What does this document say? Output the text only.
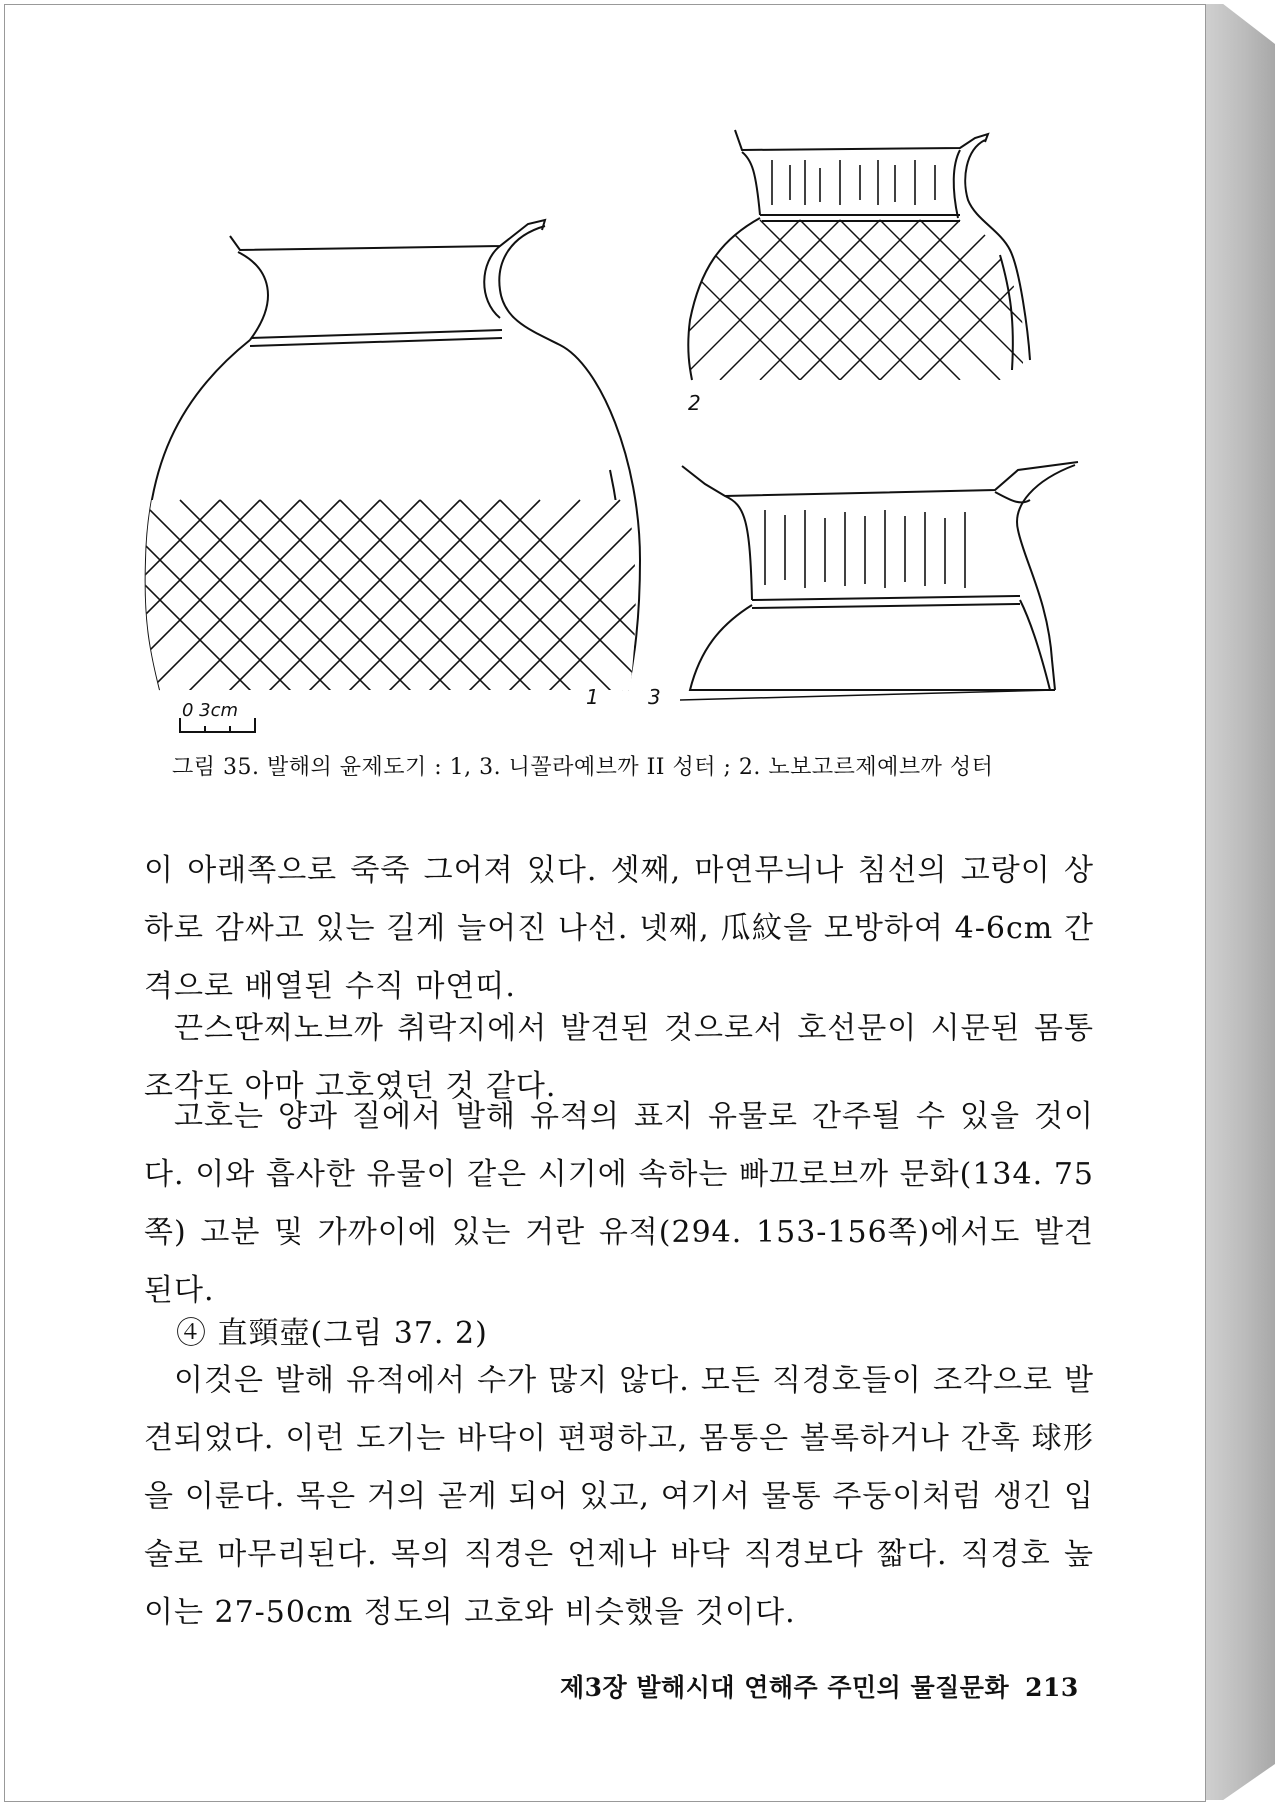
0 3cm
1
2
3
그림 35. 발해의 윤제도기 : 1, 3. 니꼴라예브까 II 성터 ; 2. 노보고르제예브까 성터

이 아래쪽으로 죽죽 그어져 있다. 셋째, 마연무늬나 침선의 고랑이 상하로 감싸고 있는 길게 늘어진 나선. 넷째, 瓜紋을 모방하여 4-6cm 간격으로 배열된 수직 마연띠.

끈스딴찌노브까 취락지에서 발견된 것으로서 호선문이 시문된 몸통 조각도 아마 고호였던 것 같다.

고호는 양과 질에서 발해 유적의 표지 유물로 간주될 수 있을 것이다. 이와 흡사한 유물이 같은 시기에 속하는 빠끄로브까 문화(134. 75쪽) 고분 및 가까이에 있는 거란 유적(294. 153-156쪽)에서도 발견된다.

④ 直頸壺(그림 37. 2)

이것은 발해 유적에서 수가 많지 않다. 모든 직경호들이 조각으로 발견되었다. 이런 도기는 바닥이 편평하고, 몸통은 볼록하거나 간혹 球形을 이룬다. 목은 거의 곧게 되어 있고, 여기서 물통 주둥이처럼 생긴 입술로 마무리된다. 목의 직경은 언제나 바닥 직경보다 짧다. 직경호 높이는 27-50cm 정도의 고호와 비슷했을 것이다.

제3장 발해시대 연해주 주민의 물질문화 213
